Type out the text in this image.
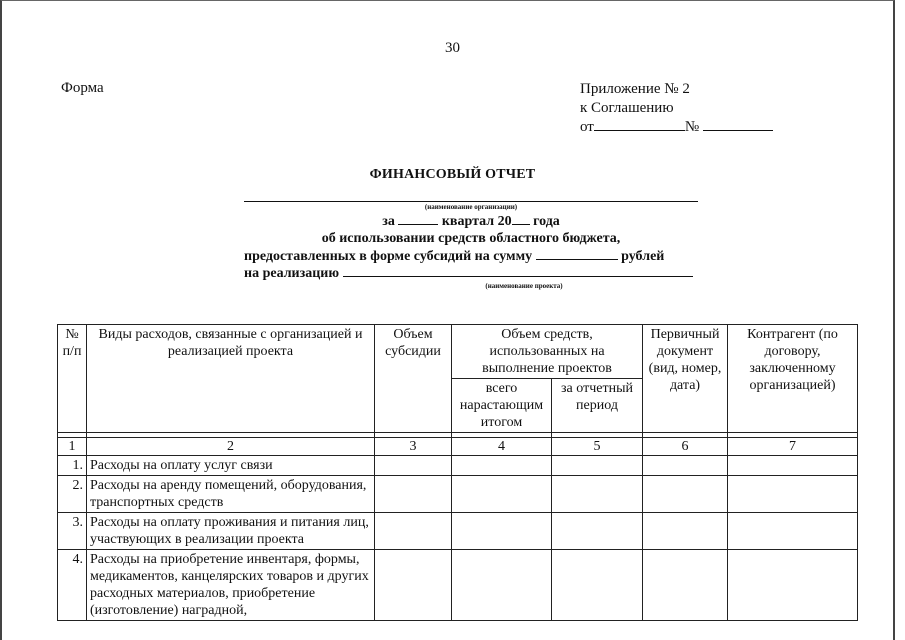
30
Форма	Приложение № 2
к Соглашению
от	№
ФИНАНСОВЫЙ ОТЧЕТ
(наименование организации)
за	квартал 20 года
об использовании средств областного бюджета,
предоставленных в форме субсидий на сумму	рублей
на реализацию
(наименование проекта)
№ п/п	Виды расходов, связанные с организацией и реализацией проекта	Объем субсидии	Объем средств, использованных на выполнение проектов		Первичный документ (вид, номер, дата)	Контрагент (по договору, заключенному организацией)
			всего нарастающим итогом	за отчетный период		

1	2	3	4	5	6	7
1.	Расходы на оплату услуг связи					
2.	Расходы на аренду помещений, оборудования, транспортных средств					
3.	Расходы на оплату проживания и питания лиц, участвующих в реализации проекта					
4.	Расходы на приобретение инвентаря, формы, медикаментов, канцелярских товаров и других расходных материалов, приобретение (изготовление) наградной,					
